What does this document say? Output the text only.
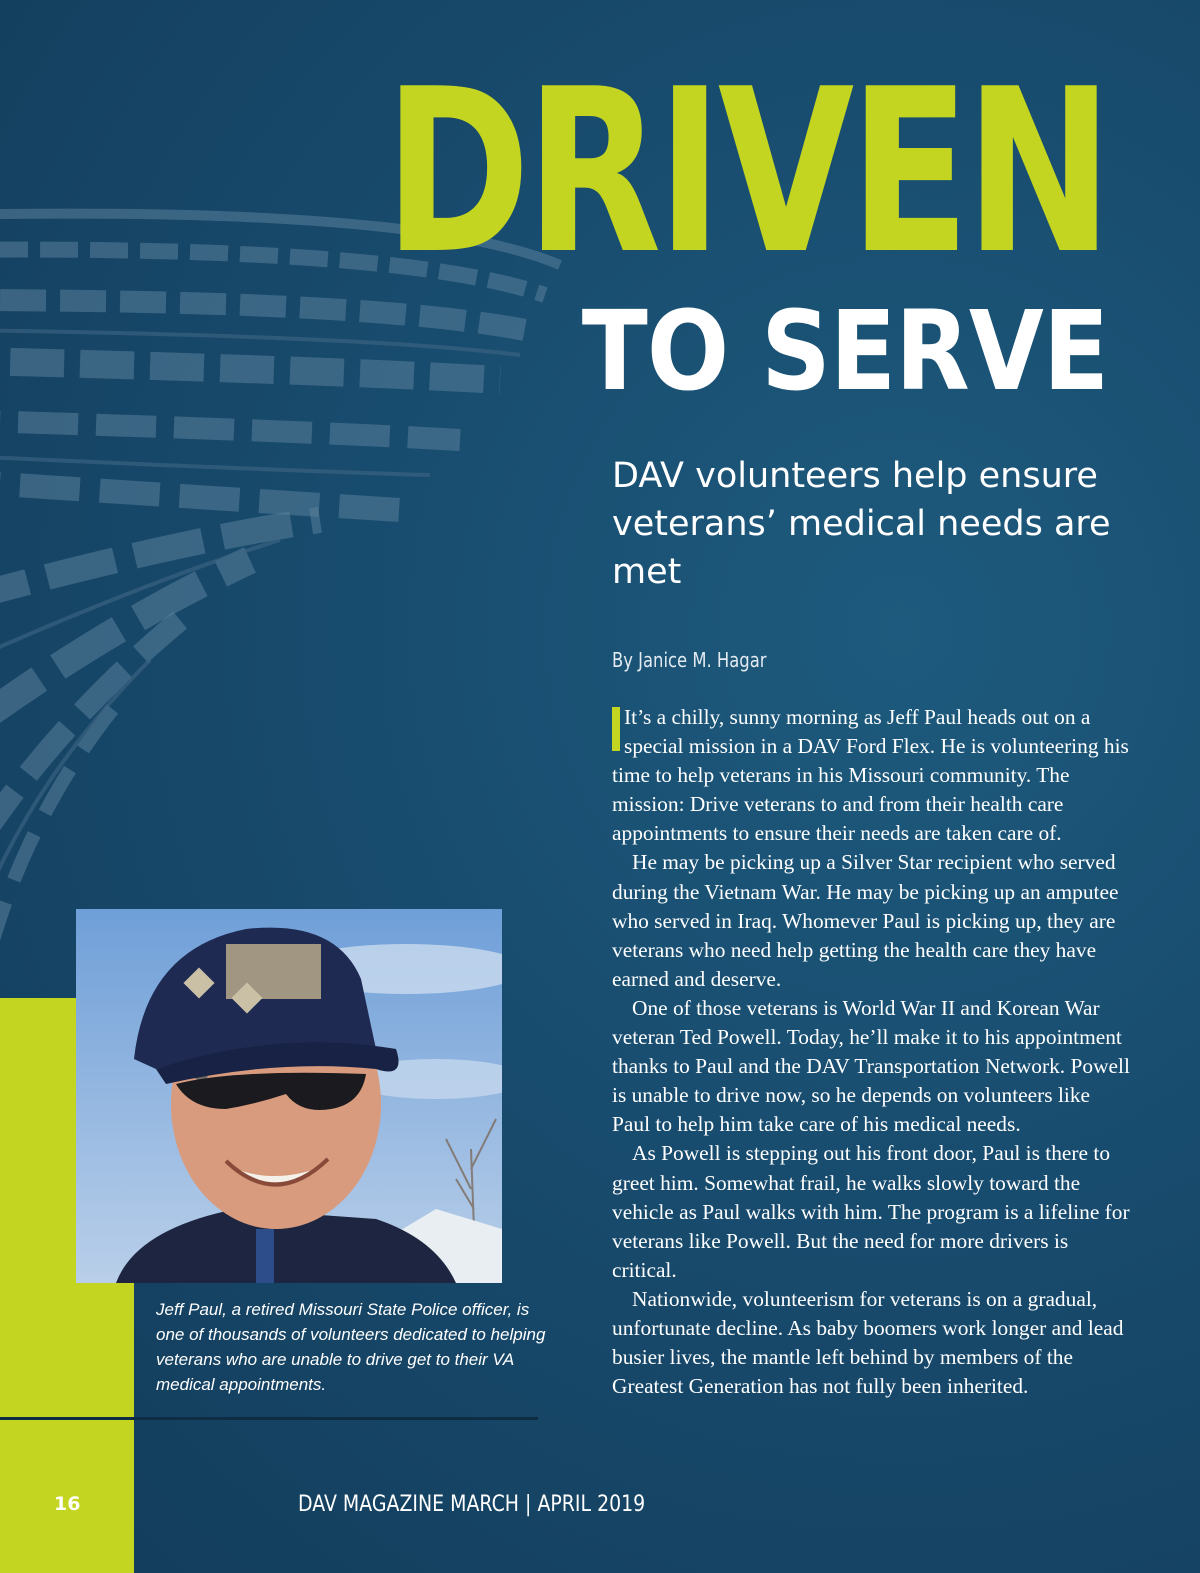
DRIVEN
TO SERVE

DAV volunteers help ensure veterans’ medical needs are met

By Janice M. Hagar

It’s a chilly, sunny morning as Jeff Paul heads out on a special mission in a DAV Ford Flex. He is volunteering his time to help veterans in his Missouri community. The mission: Drive veterans to and from their health care appointments to ensure their needs are taken care of.

He may be picking up a Silver Star recipient who served during the Vietnam War. He may be picking up an amputee who served in Iraq. Whomever Paul is picking up, they are veterans who need help getting the health care they have earned and deserve.

One of those veterans is World War II and Korean War veteran Ted Powell. Today, he’ll make it to his appointment thanks to Paul and the DAV Transportation Network. Powell is unable to drive now, so he depends on volunteers like Paul to help him take care of his medical needs.

As Powell is stepping out his front door, Paul is there to greet him. Somewhat frail, he walks slowly toward the vehicle as Paul walks with him. The program is a lifeline for veterans like Powell. But the need for more drivers is critical.

Nationwide, volunteerism for veterans is on a gradual, unfortunate decline. As baby boomers work longer and lead busier lives, the mantle left behind by members of the Greatest Generation has not fully been inherited.

Jeff Paul, a retired Missouri State Police officer, is one of thousands of volunteers dedicated to helping veterans who are unable to drive get to their VA medical appointments.
16	DAV MAGAZINE MARCH | APRIL 2019
